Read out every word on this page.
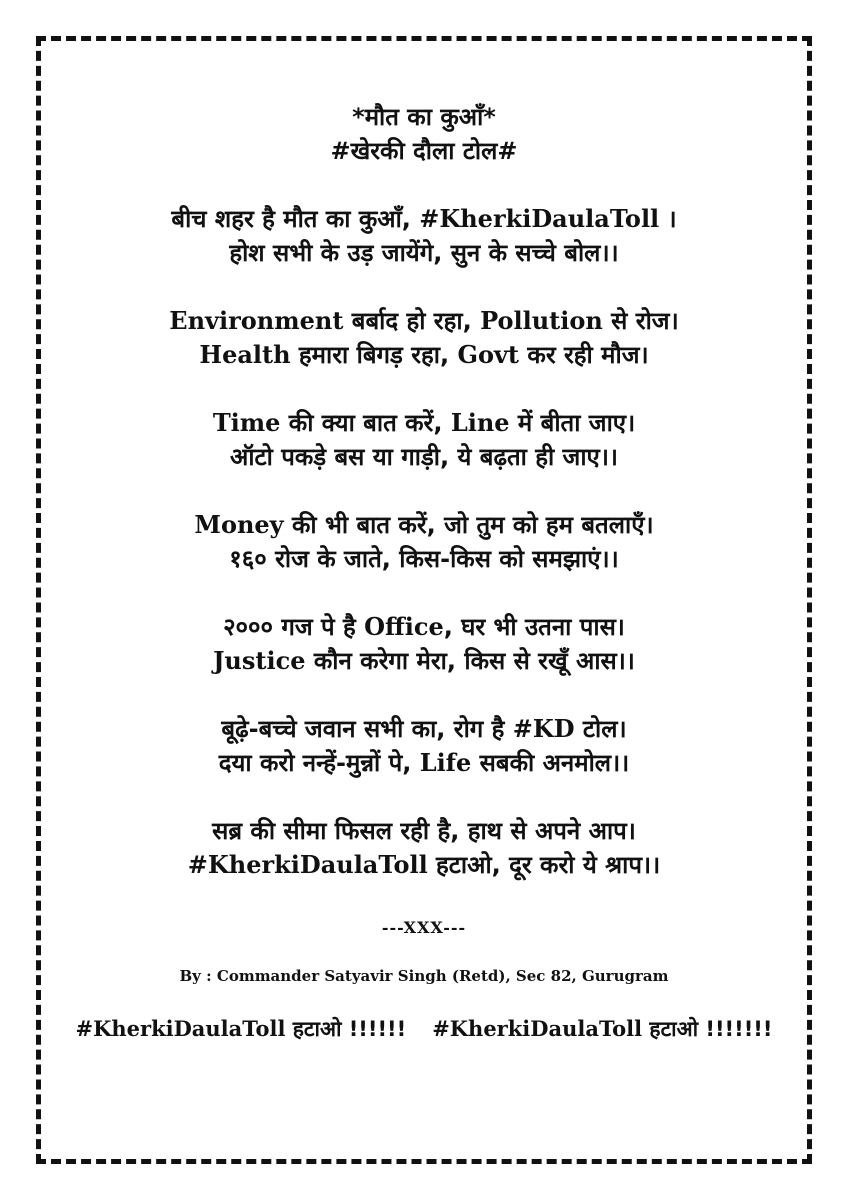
*मौत का कुआँ*

#खेरकी दौला टोल#

बीच शहर है मौत का कुआँ, #KherkiDaulaToll ।

होश सभी के उड़ जायेंगे, सुन के सच्चे बोल।।

Environment बर्बाद हो रहा, Pollution से रोज।

Health हमारा बिगड़ रहा, Govt कर रही मौज।

Time की क्या बात करें, Line में बीता जाए।

ऑटो पकड़े बस या गाड़ी, ये बढ़ता ही जाए।।

Money की भी बात करें, जो तुम को हम बतलाएँ।

१६० रोज के जाते, किस-किस को समझाएं।।

२००० गज पे है Office, घर भी उतना पास।

Justice कौन करेगा मेरा, किस से रखूँ आस।।

बूढ़े-बच्चे जवान सभी का, रोग है #KD टोल।

दया करो नन्हें-मुन्नों पे, Life सबकी अनमोल।।

सब्र की सीमा फिसल रही है, हाथ से अपने आप।

#KherkiDaulaToll हटाओ, दूर करो ये श्राप।।

---XXX---
By : Commander Satyavir Singh (Retd), Sec 82, Gurugram
#KherkiDaulaToll हटाओ !!!!!! #KherkiDaulaToll हटाओ !!!!!!!
